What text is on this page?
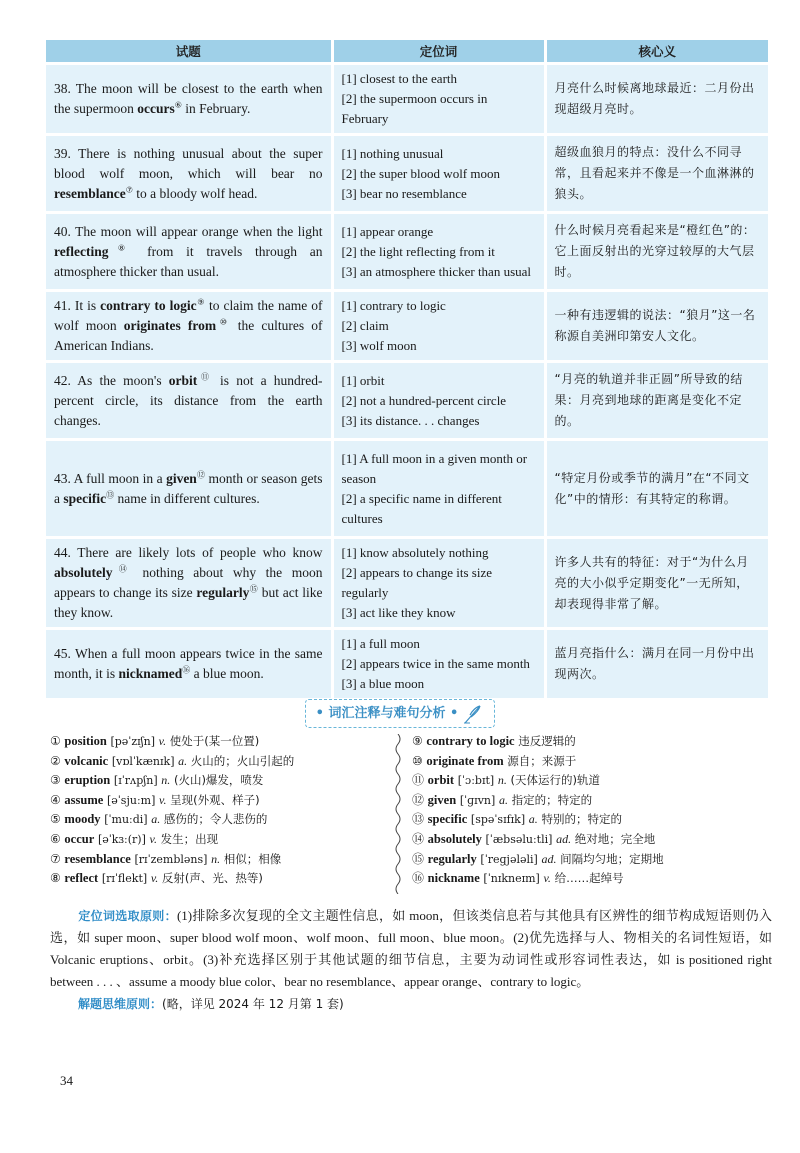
试题	定位词	核心义
38. The moon will be closest to the earth when the supermoon occurs⑥ in February.	[1] closest to the earth
[2] the supermoon occurs in February	月亮什么时候离地球最近：二月份出现超级月亮时。
39. There is nothing unusual about the super blood wolf moon, which will bear no resemblance⑦ to a bloody wolf head.	[1] nothing unusual
[2] the super blood wolf moon
[3] bear no resemblance	超级血狼月的特点：没什么不同寻常，且看起来并不像是一个血淋淋的狼头。
40. The moon will appear orange when the light reflecting⑧ from it travels through an atmosphere thicker than usual.	[1] appear orange
[2] the light reflecting from it
[3] an atmosphere thicker than usual	什么时候月亮看起来是“橙红色”的：它上面反射出的光穿过较厚的大气层时。
41. It is contrary to logic⑨ to claim the name of wolf moon originates from⑩ the cultures of American Indians.	[1] contrary to logic
[2] claim
[3] wolf moon	一种有违逻辑的说法：“狼月”这一名称源自美洲印第安人文化。
42. As the moon's orbit⑪ is not a hundred-percent circle, its distance from the earth changes.	[1] orbit
[2] not a hundred-percent circle
[3] its distance. . . changes	“月亮的轨道并非正圆”所导致的结果：月亮到地球的距离是变化不定的。
43. A full moon in a given⑫ month or season gets a specific⑬ name in different cultures.	[1] A full moon in a given month or season
[2] a specific name in different cultures	“特定月份或季节的满月”在“不同文化”中的情形：有其特定的称谓。
44. There are likely lots of people who know absolutely⑭ nothing about why the moon appears to change its size regularly⑮ but act like they know.	[1] know absolutely nothing
[2] appears to change its size regularly
[3] act like they know	许多人共有的特征：对于“为什么月亮的大小似乎定期变化”一无所知，却表现得非常了解。
45. When a full moon appears twice in the same month, it is nicknamed⑯ a blue moon.	[1] a full moon
[2] appears twice in the same month
[3] a blue moon	蓝月亮指什么：满月在同一月份中出现两次。
• 词汇注释与难句分析 •
① position [pəˈzɪʃn] v. 使处于(某一位置)
② volcanic [vɒlˈkænɪk] a. 火山的；火山引起的
③ eruption [ɪˈrʌpʃn] n. (火山)爆发，喷发
④ assume [əˈsjuːm] v. 呈现(外观、样子)
⑤ moody [ˈmuːdi] a. 感伤的；令人悲伤的
⑥ occur [əˈkɜː(r)] v. 发生；出现
⑦ resemblance [rɪˈzembləns] n. 相似；相像
⑧ reflect [rɪˈflekt] v. 反射(声、光、热等)
⑨ contrary to logic 违反逻辑的
⑩ originate from 源自；来源于
⑪ orbit [ˈɔːbɪt] n. (天体运行的)轨道
⑫ given [ˈɡɪvn] a. 指定的；特定的
⑬ specific [spəˈsɪfɪk] a. 特别的；特定的
⑭ absolutely [ˈæbsəluːtli] ad. 绝对地；完全地
⑮ regularly [ˈreɡjələli] ad. 间隔均匀地；定期地
⑯ nickname [ˈnɪkneɪm] v. 给……起绰号
定位词选取原则：(1)排除多次复现的全文主题性信息，如 moon，但该类信息若与其他具有区辨性的细节构成短语则仍入选，如 super moon、super blood wolf moon、wolf moon、full moon、blue moon。(2)优先选择与人、物相关的名词性短语，如 Volcanic eruptions、orbit。(3)补充选择区别于其他试题的细节信息，主要为动词性或形容词性表达，如 is positioned right between . . . 、assume a moody blue color、bear no resemblance、appear orange、contrary to logic。
解题思维原则：(略，详见 2024 年 12 月第 1 套)
34
